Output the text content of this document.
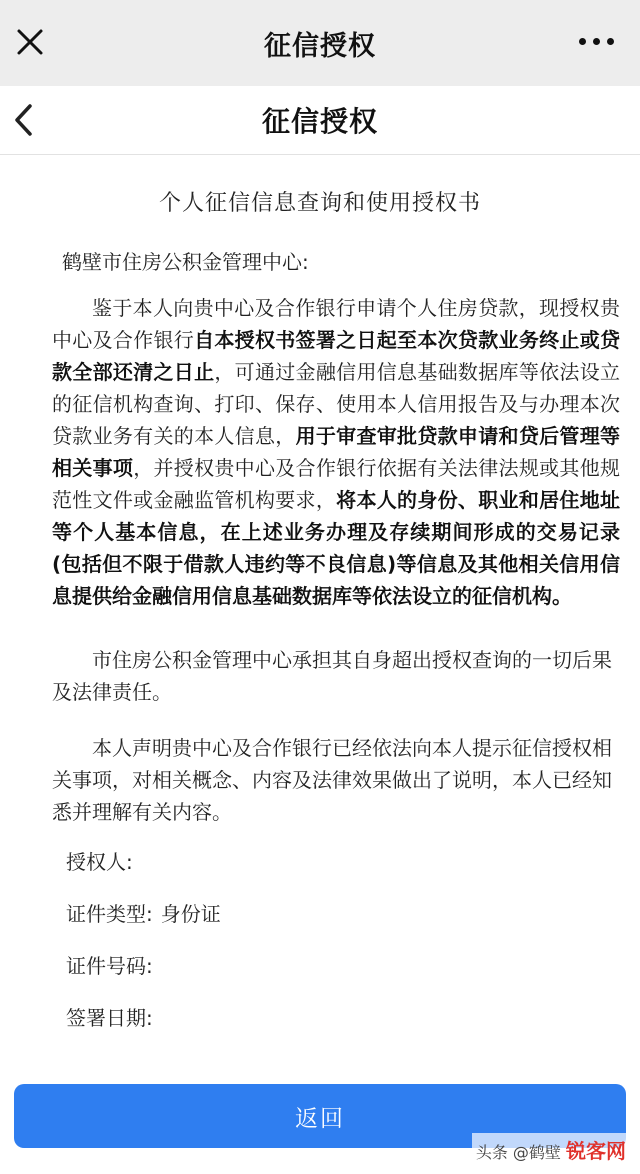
征信授权
征信授权
个人征信信息查询和使用授权书
鹤壁市住房公积金管理中心:
鉴于本人向贵中心及合作银行申请个人住房贷款，现授权贵中心及合作银行自本授权书签署之日起至本次贷款业务终止或贷款全部还清之日止，可通过金融信用信息基础数据库等依法设立的征信机构查询、打印、保存、使用本人信用报告及与办理本次贷款业务有关的本人信息，用于审查审批贷款申请和贷后管理等相关事项，并授权贵中心及合作银行依据有关法律法规或其他规范性文件或金融监管机构要求，将本人的身份、职业和居住地址等个人基本信息，在上述业务办理及存续期间形成的交易记录(包括但不限于借款人违约等不良信息)等信息及其他相关信用信息提供给金融信用信息基础数据库等依法设立的征信机构。
市住房公积金管理中心承担其自身超出授权查询的一切后果及法律责任。
本人声明贵中心及合作银行已经依法向本人提示征信授权相关事项，对相关概念、内容及法律效果做出了说明，本人已经知悉并理解有关内容。
授权人:
证件类型: 身份证
证件号码:
签署日期:
返回
头条 @鹤壁 锐客网
